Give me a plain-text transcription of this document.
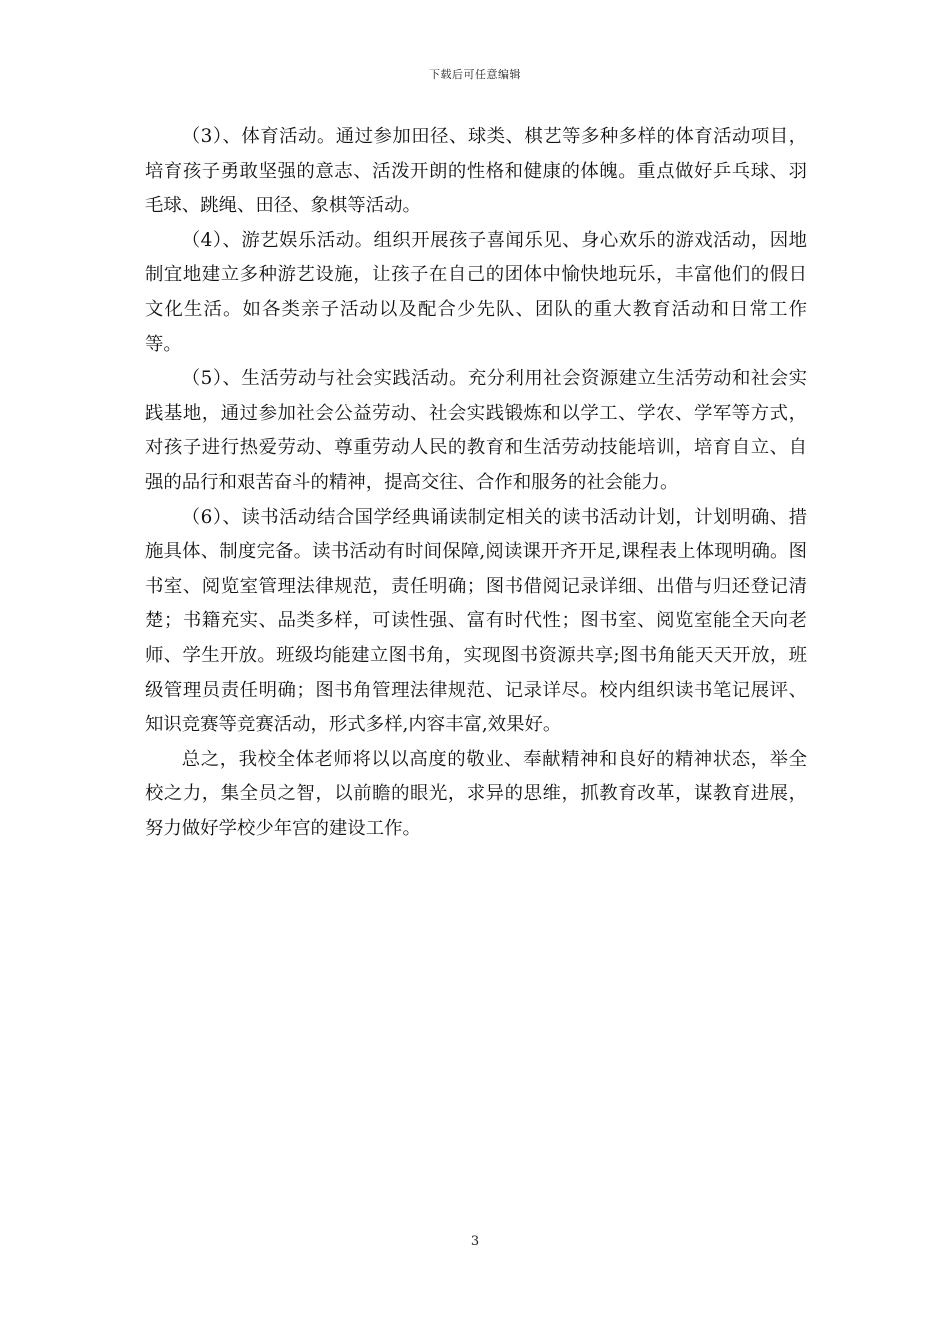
下载后可任意编辑

（3）、体育活动。通过参加田径、球类、棋艺等多种多样的体育活动项目，培育孩子勇敢坚强的意志、活泼开朗的性格和健康的体魄。重点做好乒乓球、羽毛球、跳绳、田径、象棋等活动。

（4）、游艺娱乐活动。组织开展孩子喜闻乐见、身心欢乐的游戏活动，因地制宜地建立多种游艺设施，让孩子在自己的团体中愉快地玩乐，丰富他们的假日文化生活。如各类亲子活动以及配合少先队、团队的重大教育活动和日常工作等。

（5）、生活劳动与社会实践活动。充分利用社会资源建立生活劳动和社会实践基地，通过参加社会公益劳动、社会实践锻炼和以学工、学农、学军等方式，对孩子进行热爱劳动、尊重劳动人民的教育和生活劳动技能培训，培育自立、自强的品行和艰苦奋斗的精神，提高交往、合作和服务的社会能力。

（6）、读书活动结合国学经典诵读制定相关的读书活动计划，计划明确、措施具体、制度完备。读书活动有时间保障,阅读课开齐开足,课程表上体现明确。图书室、阅览室管理法律规范，责任明确；图书借阅记录详细、出借与归还登记清楚；书籍充实、品类多样，可读性强、富有时代性；图书室、阅览室能全天向老师、学生开放。班级均能建立图书角，实现图书资源共享;图书角能天天开放，班级管理员责任明确；图书角管理法律规范、记录详尽。校内组织读书笔记展评、知识竞赛等竞赛活动，形式多样,内容丰富,效果好。

总之，我校全体老师将以以高度的敬业、奉献精神和良好的精神状态，举全校之力，集全员之智，以前瞻的眼光，求异的思维，抓教育改革，谋教育进展，努力做好学校少年宫的建设工作。

3
